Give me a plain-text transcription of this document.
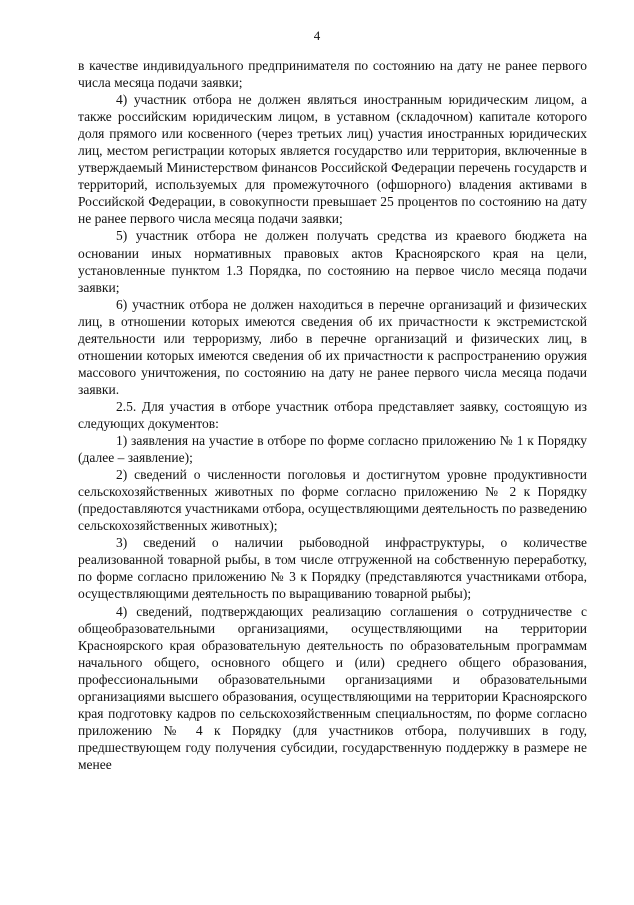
4

в качестве индивидуального предпринимателя по состоянию на дату не ранее первого числа месяца подачи заявки;

4) участник отбора не должен являться иностранным юридическим лицом, а также российским юридическим лицом, в уставном (складочном) капитале которого доля прямого или косвенного (через третьих лиц) участия иностранных юридических лиц, местом регистрации которых является государство или территория, включенные в утверждаемый Министерством финансов Российской Федерации перечень государств и территорий, используемых для промежуточного (офшорного) владения активами в Российской Федерации, в совокупности превышает 25 процентов по состоянию на дату не ранее первого числа месяца подачи заявки;

5) участник отбора не должен получать средства из краевого бюджета на основании иных нормативных правовых актов Красноярского края на цели, установленные пунктом 1.3 Порядка, по состоянию на первое число месяца подачи заявки;

6) участник отбора не должен находиться в перечне организаций и физических лиц, в отношении которых имеются сведения об их причастности к экстремистской деятельности или терроризму, либо в перечне организаций и физических лиц, в отношении которых имеются сведения об их причастности к распространению оружия массового уничтожения, по состоянию на дату не ранее первого числа месяца подачи заявки.

2.5. Для участия в отборе участник отбора представляет заявку, состоящую из следующих документов:

1) заявления на участие в отборе по форме согласно приложению № 1 к Порядку (далее – заявление);

2) сведений о численности поголовья и достигнутом уровне продуктивности сельскохозяйственных животных по форме согласно приложению № 2 к Порядку (предоставляются участниками отбора, осуществляющими деятельность по разведению сельскохозяйственных животных);

3) сведений о наличии рыбоводной инфраструктуры, о количестве реализованной товарной рыбы, в том числе отгруженной на собственную переработку, по форме согласно приложению № 3 к Порядку (представляются участниками отбора, осуществляющими деятельность по выращиванию товарной рыбы);

4) сведений, подтверждающих реализацию соглашения о сотрудничестве с общеобразовательными организациями, осуществляющими на территории Красноярского края образовательную деятельность по образовательным программам начального общего, основного общего и (или) среднего общего образования, профессиональными образовательными организациями и образовательными организациями высшего образования, осуществляющими на территории Красноярского края подготовку кадров по сельскохозяйственным специальностям, по форме согласно приложению № 4 к Порядку (для участников отбора, получивших в году, предшествующем году получения субсидии, государственную поддержку в размере не менее
